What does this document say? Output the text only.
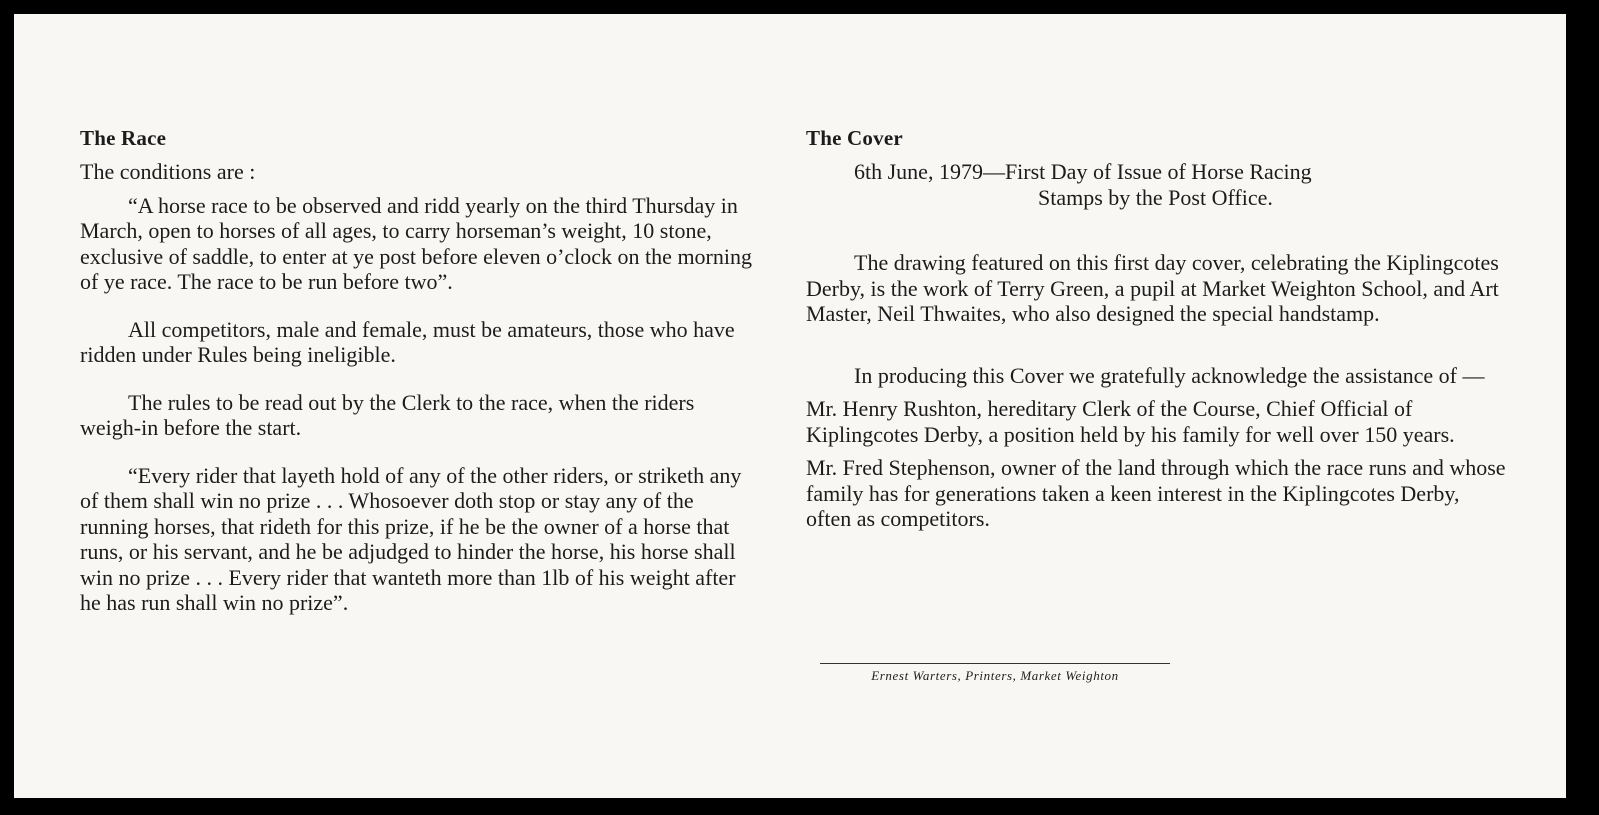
The Race

The conditions are :

“A horse race to be observed and ridd yearly on the third Thursday in March, open to horses of all ages, to carry horseman’s weight, 10 stone, exclusive of saddle, to enter at ye post before eleven o’clock on the morning of ye race. The race to be run before two”.

All competitors, male and female, must be amateurs, those who have ridden under Rules being ineligible.

The rules to be read out by the Clerk to the race, when the riders weigh-in before the start.

“Every rider that layeth hold of any of the other riders, or striketh any of them shall win no prize . . . Whosoever doth stop or stay any of the running horses, that rideth for this prize, if he be the owner of a horse that runs, or his servant, and he be adjudged to hinder the horse, his horse shall win no prize . . . Every rider that wanteth more than 1lb of his weight after he has run shall win no prize”.

The Cover

6th June, 1979—First Day of Issue of Horse Racing

Stamps by the Post Office.

The drawing featured on this first day cover, celebrating the Kiplingcotes Derby, is the work of Terry Green, a pupil at Market Weighton School, and Art Master, Neil Thwaites, who also designed the special handstamp.

In producing this Cover we gratefully acknowledge the assistance of —

Mr. Henry Rushton, hereditary Clerk of the Course, Chief Official of Kiplingcotes Derby, a position held by his family for well over 150 years.

Mr. Fred Stephenson, owner of the land through which the race runs and whose family has for generations taken a keen interest in the Kiplingcotes Derby, often as competitors.

Ernest Warters, Printers, Market Weighton
